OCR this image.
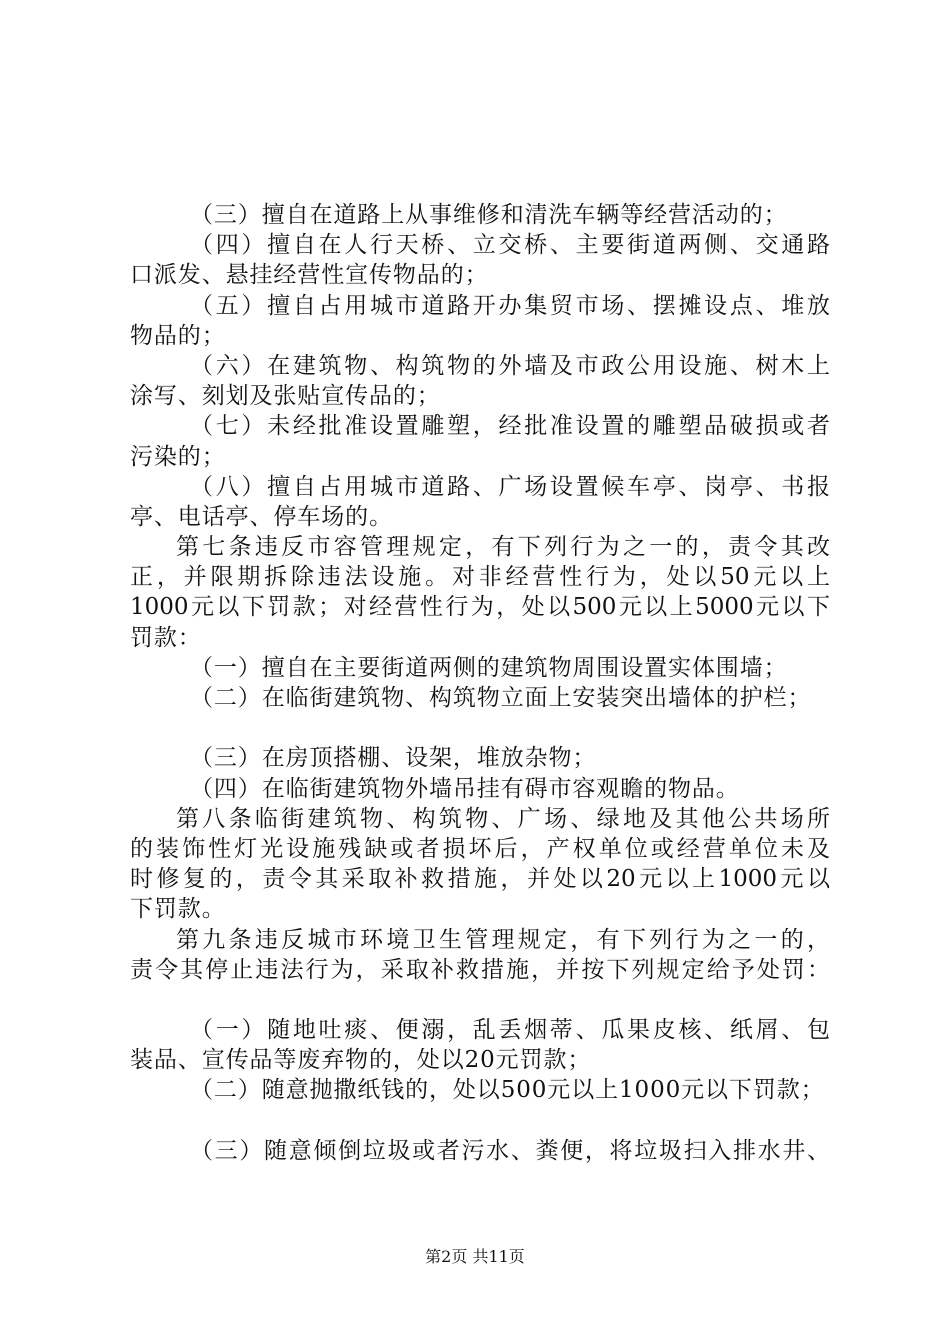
（三）擅自在道路上从事维修和清洗车辆等经营活动的；
（四）擅自在人行天桥、立交桥、主要街道两侧、交通路
口派发、悬挂经营性宣传物品的；
（五）擅自占用城市道路开办集贸市场、摆摊设点、堆放
物品的；
（六）在建筑物、构筑物的外墙及市政公用设施、树木上
涂写、刻划及张贴宣传品的；
（七）未经批准设置雕塑，经批准设置的雕塑品破损或者
污染的；
（八）擅自占用城市道路、广场设置候车亭、岗亭、书报
亭、电话亭、停车场的。
第七条违反市容管理规定，有下列行为之一的，责令其改
正，并限期拆除违法设施。对非经营性行为，处以50元以上
1000元以下罚款；对经营性行为，处以500元以上5000元以下
罚款：
（一）擅自在主要街道两侧的建筑物周围设置实体围墙；
（二）在临街建筑物、构筑物立面上安装突出墙体的护栏；
（三）在房顶搭棚、设架，堆放杂物；
（四）在临街建筑物外墙吊挂有碍市容观瞻的物品。
第八条临街建筑物、构筑物、广场、绿地及其他公共场所
的装饰性灯光设施残缺或者损坏后，产权单位或经营单位未及
时修复的，责令其采取补救措施，并处以20元以上1000元以
下罚款。
第九条违反城市环境卫生管理规定，有下列行为之一的，
责令其停止违法行为，采取补救措施，并按下列规定给予处罚：
（一）随地吐痰、便溺，乱丢烟蒂、瓜果皮核、纸屑、包
装品、宣传品等废弃物的，处以20元罚款；
（二）随意抛撒纸钱的，处以500元以上1000元以下罚款；
（三）随意倾倒垃圾或者污水、粪便，将垃圾扫入排水井、
第2页 共11页
